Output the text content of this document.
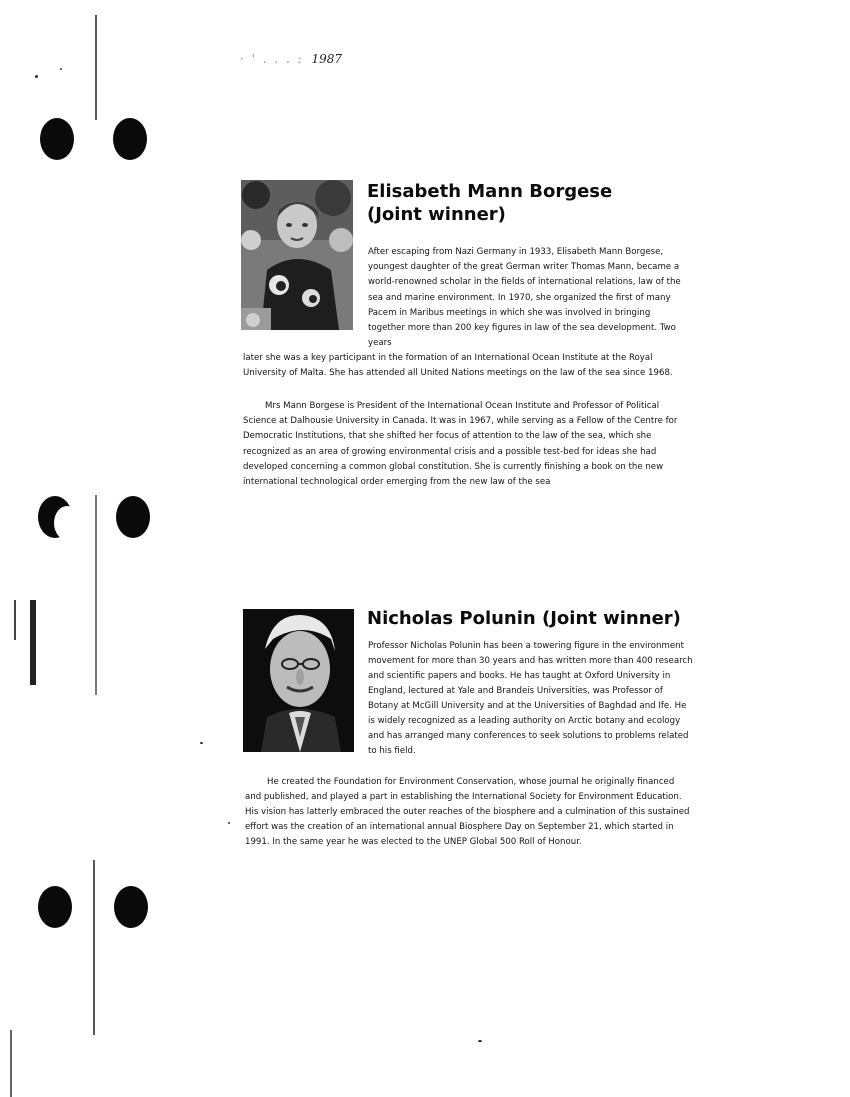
· ' . . . : 1987
Elisabeth Mann Borgese
(Joint winner)

After escaping from Nazi Germany in 1933, Elisabeth Mann Borgese, youngest daughter of the great German writer Thomas Mann, became a world-renowned scholar in the fields of international relations, law of the sea and marine environment. In 1970, she organized the first of many Pacem in Maribus meetings in which she was involved in bringing together more than 200 key figures in law of the sea development. Two years

later she was a key participant in the formation of an International Ocean Institute at the Royal University of Malta. She has attended all United Nations meetings on the law of the sea since 1968.

Mrs Mann Borgese is President of the International Ocean Institute and Professor of Political Science at Dalhousie University in Canada. It was in 1967, while serving as a Fellow of the Centre for Democratic Institutions, that she shifted her focus of attention to the law of the sea, which she recognized as an area of growing environmental crisis and a possible test-bed for ideas she had developed concerning a common global constitution. She is currently finishing a book on the new international technological order emerging from the new law of the sea

Nicholas Polunin (Joint winner)

Professor Nicholas Polunin has been a towering figure in the environment movement for more than 30 years and has written more than 400 research and scientific papers and books. He has taught at Oxford University in England, lectured at Yale and Brandeis Universities, was Professor of Botany at McGill University and at the Universities of Baghdad and Ife. He is widely recognized as a leading authority on Arctic botany and ecology and has arranged many conferences to seek solutions to problems related to his field.

He created the Foundation for Environment Conservation, whose journal he originally financed and published, and played a part in establishing the International Society for Environment Education. His vision has latterly embraced the outer reaches of the biosphere and a culmination of this sustained effort was the creation of an international annual Biosphere Day on September 21, which started in 1991. In the same year he was elected to the UNEP Global 500 Roll of Honour.
